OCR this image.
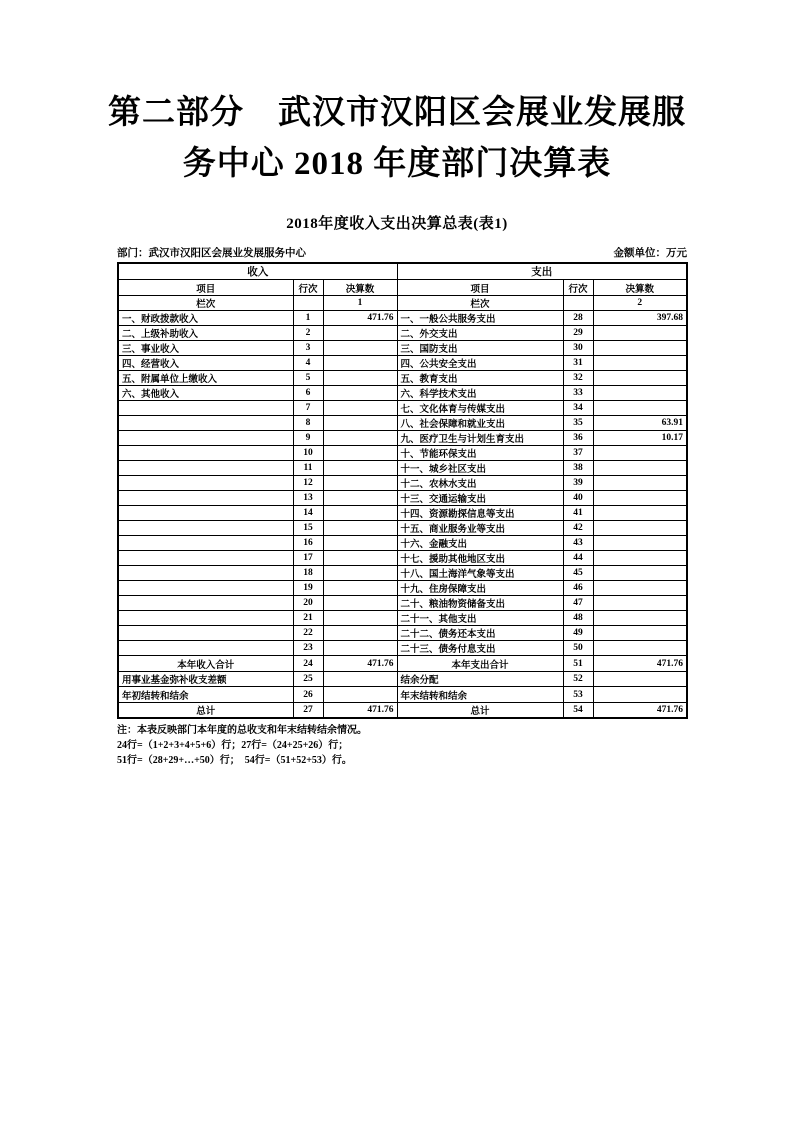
第二部分　武汉市汉阳区会展业发展服
务中心 2018 年度部门决算表
2018年度收入支出决算总表(表1)
部门：武汉市汉阳区会展业发展服务中心	金额单位：万元
收入			支出		
项目	行次	决算数	项目	行次	决算数
栏次		1	栏次		2
一、财政拨款收入	1	471.76	一、一般公共服务支出	28	397.68
二、上级补助收入	2		二、外交支出	29	
三、事业收入	3		三、国防支出	30	
四、经营收入	4		四、公共安全支出	31	
五、附属单位上缴收入	5		五、教育支出	32	
六、其他收入	6		六、科学技术支出	33	
	7		七、文化体育与传媒支出	34	
	8		八、社会保障和就业支出	35	63.91
	9		九、医疗卫生与计划生育支出	36	10.17
	10		十、节能环保支出	37	
	11		十一、城乡社区支出	38	
	12		十二、农林水支出	39	
	13		十三、交通运输支出	40	
	14		十四、资源勘探信息等支出	41	
	15		十五、商业服务业等支出	42	
	16		十六、金融支出	43	
	17		十七、援助其他地区支出	44	
	18		十八、国土海洋气象等支出	45	
	19		十九、住房保障支出	46	
	20		二十、粮油物资储备支出	47	
	21		二十一、其他支出	48	
	22		二十二、债务还本支出	49	
	23		二十三、债务付息支出	50	
本年收入合计	24	471.76	本年支出合计	51	471.76
用事业基金弥补收支差额	25		结余分配	52	
年初结转和结余	26		年末结转和结余	53	
总计	27	471.76	总计	54	471.76
注：本表反映部门本年度的总收支和年末结转结余情况。
24行=（1+2+3+4+5+6）行；27行=（24+25+26）行；
51行=（28+29+…+50）行；　54行=（51+52+53）行。
